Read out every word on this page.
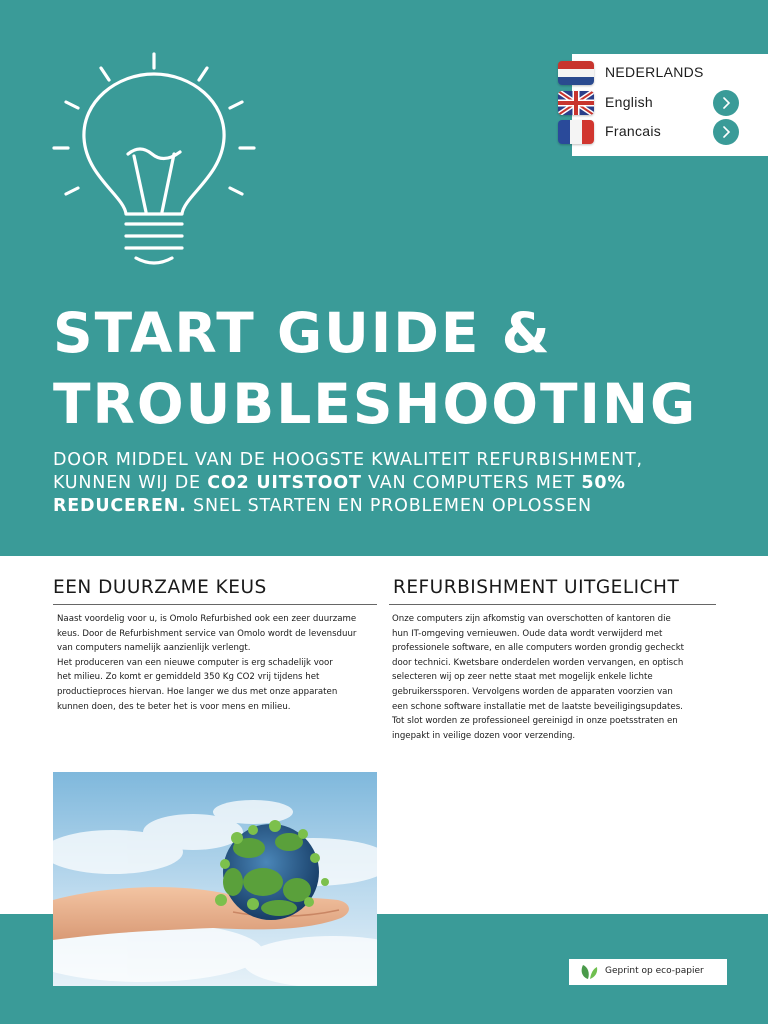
NEDERLANDS
English
Francais
START GUIDE &
TROUBLESHOOTING
DOOR MIDDEL VAN DE HOOGSTE KWALITEIT REFURBISHMENT,
KUNNEN WIJ DE CO2 UITSTOOT VAN COMPUTERS MET 50%
REDUCEREN. SNEL STARTEN EN PROBLEMEN OPLOSSEN
EEN DUURZAME KEUS
Naast voordelig voor u, is Omolo Refurbished ook een zeer duurzame
keus. Door de Refurbishment service van Omolo wordt de levensduur
van computers namelijk aanzienlijk verlengt.
Het produceren van een nieuwe computer is erg schadelijk voor
het milieu. Zo komt er gemiddeld 350 Kg CO2 vrij tijdens het
productieproces hiervan. Hoe langer we dus met onze apparaten
kunnen doen, des te beter het is voor mens en milieu.
REFURBISHMENT UITGELICHT
Onze computers zijn afkomstig van overschotten of kantoren die
hun IT-omgeving vernieuwen. Oude data wordt verwijderd met
professionele software, en alle computers worden grondig gecheckt
door technici. Kwetsbare onderdelen worden vervangen, en optisch
selecteren wij op zeer nette staat met mogelijk enkele lichte
gebruikerssporen. Vervolgens worden de apparaten voorzien van
een schone software installatie met de laatste beveiligingsupdates.
Tot slot worden ze professioneel gereinigd in onze poetsstraten en
ingepakt in veilige dozen voor verzending.
Geprint op eco-papier
